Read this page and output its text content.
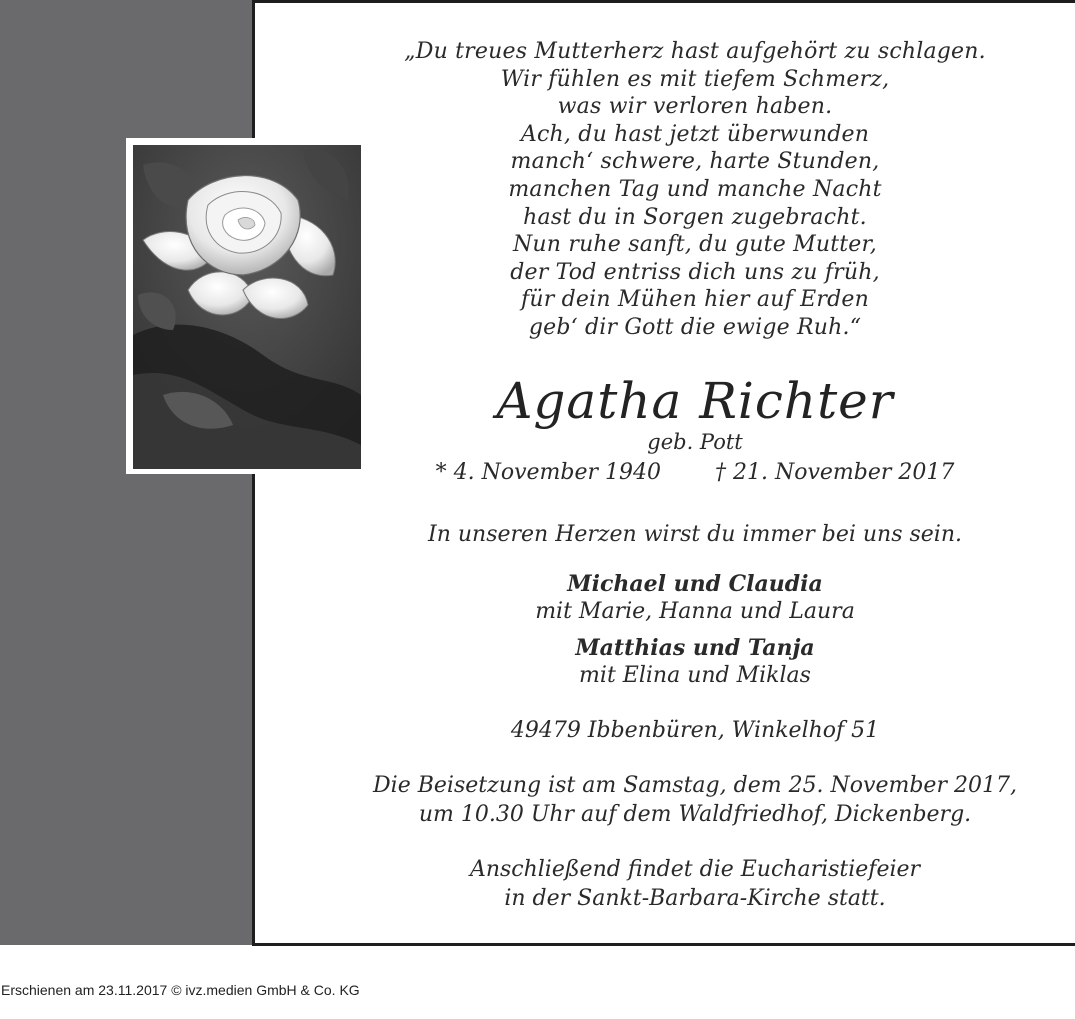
„Du treues Mutterherz hast aufgehört zu schlagen.
Wir fühlen es mit tiefem Schmerz,
was wir verloren haben.
Ach, du hast jetzt überwunden
manch‘ schwere, harte Stunden,
manchen Tag und manche Nacht
hast du in Sorgen zugebracht.
Nun ruhe sanft, du gute Mutter,
der Tod entriss dich uns zu früh,
für dein Mühen hier auf Erden
geb‘ dir Gott die ewige Ruh.“
Agatha Richter
geb. Pott
* 4. November 1940 † 21. November 2017
In unseren Herzen wirst du immer bei uns sein.
Michael und Claudia
mit Marie, Hanna und Laura
Matthias und Tanja
mit Elina und Miklas
49479 Ibbenbüren, Winkelhof 51
Die Beisetzung ist am Samstag, dem 25. November 2017,
um 10.30 Uhr auf dem Waldfriedhof, Dickenberg.
Anschließend findet die Eucharistiefeier
in der Sankt-Barbara-Kirche statt.
Erschienen am 23.11.2017 © ivz.medien GmbH & Co. KG
